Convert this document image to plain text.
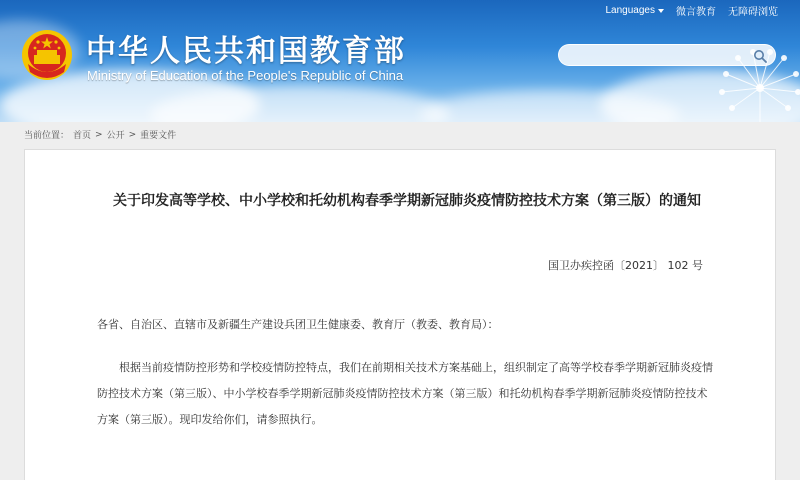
中华人民共和国教育部
Ministry of Education of the People's Republic of China
Languages 微言教育 无障碍浏览
当前位置： 首页 > 公开 > 重要文件
关于印发高等学校、中小学校和托幼机构春季学期新冠肺炎疫情防控技术方案（第三版）的通知
国卫办疾控函〔2021〕 102 号
各省、自治区、直辖市及新疆生产建设兵团卫生健康委、教育厅（教委、教育局）：
根据当前疫情防控形势和学校疫情防控特点，我们在前期相关技术方案基础上，组织制定了高等学校春季学期新冠肺炎疫情防控技术方案（第三版）、中小学校春季学期新冠肺炎疫情防控技术方案（第三版）和托幼机构春季学期新冠肺炎疫情防控技术方案（第三版）。现印发给你们，请参照执行。
